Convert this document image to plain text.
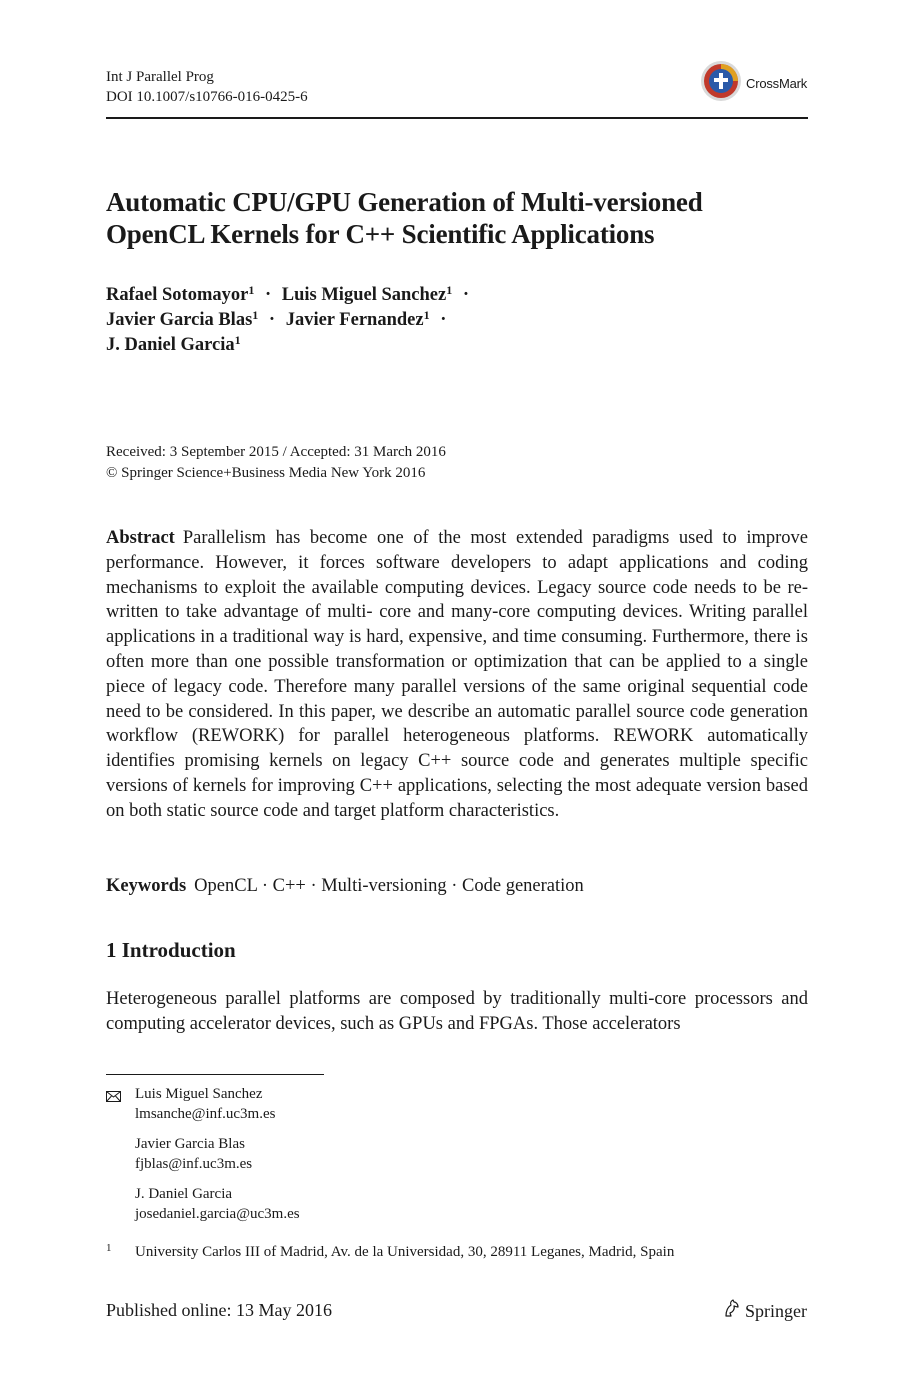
Int J Parallel Prog
DOI 10.1007/s10766-016-0425-6
CrossMark
Automatic CPU/GPU Generation of Multi-versioned
OpenCL Kernels for C++ Scientific Applications
Rafael Sotomayor$^1$ · Luis Miguel Sanchez$^1$ ·
Javier Garcia Blas$^1$ · Javier Fernandez$^1$ ·
J. Daniel Garcia$^1$
Received: 3 September 2015 / Accepted: 31 March 2016
© Springer Science+Business Media New York 2016
Abstract Parallelism has become one of the most extended paradigms used to improve performance. However, it forces software developers to adapt applications and coding mechanisms to exploit the available computing devices. Legacy source code needs to be re-written to take advantage of multi- core and many-core computing devices. Writing parallel applications in a traditional way is hard, expensive, and time consuming. Furthermore, there is often more than one possible transformation or optimization that can be applied to a single piece of legacy code. Therefore many parallel versions of the same original sequential code need to be considered. In this paper, we describe an automatic parallel source code generation workflow (REWORK) for parallel heterogeneous platforms. REWORK automatically identifies promising kernels on legacy C++ source code and generates multiple specific versions of kernels for improving C++ applications, selecting the most adequate version based on both static source code and target platform characteristics.
Keywords OpenCL · C++ · Multi-versioning · Code generation
1 Introduction
Heterogeneous parallel platforms are composed by traditionally multi-core processors and computing accelerator devices, such as GPUs and FPGAs. Those accelerators
Luis Miguel Sanchez
lmsanche@inf.uc3m.es
Javier Garcia Blas
fjblas@inf.uc3m.es
J. Daniel Garcia
josedaniel.garcia@uc3m.es
1	University Carlos III of Madrid, Av. de la Universidad, 30, 28911 Leganes, Madrid, Spain
Published online: 13 May 2016	Springer
